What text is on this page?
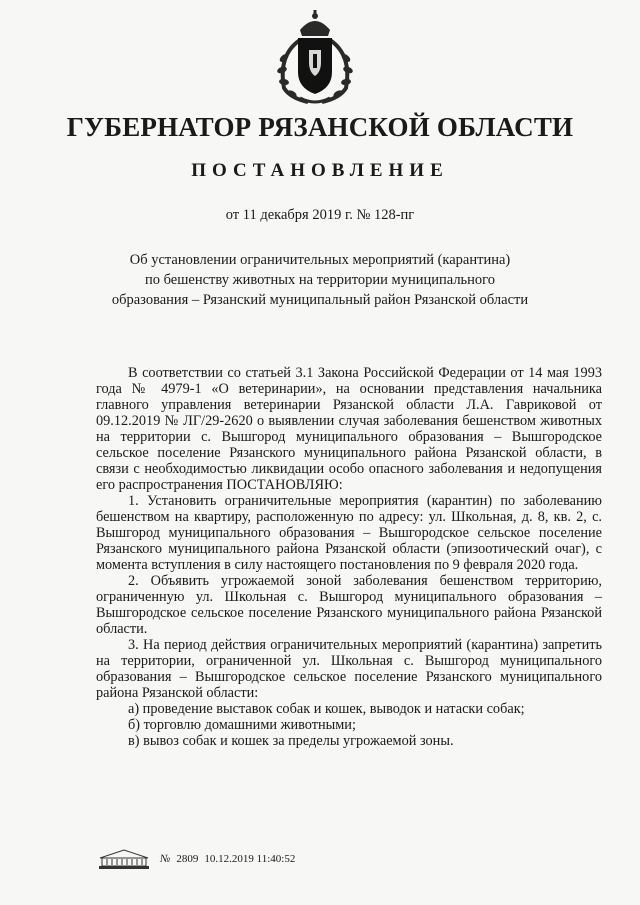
ГУБЕРНАТОР РЯЗАНСКОЙ ОБЛАСТИ
ПОСТАНОВЛЕНИЕ
от 11 декабря 2019 г. № 128-пг
Об установлении ограничительных мероприятий (карантина)
по бешенству животных на территории муниципального
образования – Рязанский муниципальный район Рязанской области

В соответствии со статьей 3.1 Закона Российской Федерации от 14 мая 1993 года № 4979-1 «О ветеринарии», на основании представления начальника главного управления ветеринарии Рязанской области Л.А. Гавриковой от 09.12.2019 № ЛГ/29-2620 о выявлении случая заболевания бешенством животных на территории с. Вышгород муниципального образования – Вышгородское сельское поселение Рязанского муниципального района Рязанской области, в связи с необходимостью ликвидации особо опасного заболевания и недопущения его распространения ПОСТАНОВЛЯЮ:

1. Установить ограничительные мероприятия (карантин) по заболеванию бешенством на квартиру, расположенную по адресу: ул. Школьная, д. 8, кв. 2, с. Вышгород муниципального образования – Вышгородское сельское поселение Рязанского муниципального района Рязанской области (эпизоотический очаг), с момента вступления в силу настоящего постановления по 9 февраля 2020 года.

2. Объявить угрожаемой зоной заболевания бешенством территорию, ограниченную ул. Школьная с. Вышгород муниципального образования – Вышгородское сельское поселение Рязанского муниципального района Рязанской области.

3. На период действия ограничительных мероприятий (карантина) запретить на территории, ограниченной ул. Школьная с. Вышгород муниципального образования – Вышгородское сельское поселение Рязанского муниципального района Рязанской области:

а) проведение выставок собак и кошек, выводок и натаски собак;

б) торговлю домашними животными;

в) вывоз собак и кошек за пределы угрожаемой зоны.

№ 2809 10.12.2019 11:40:52
